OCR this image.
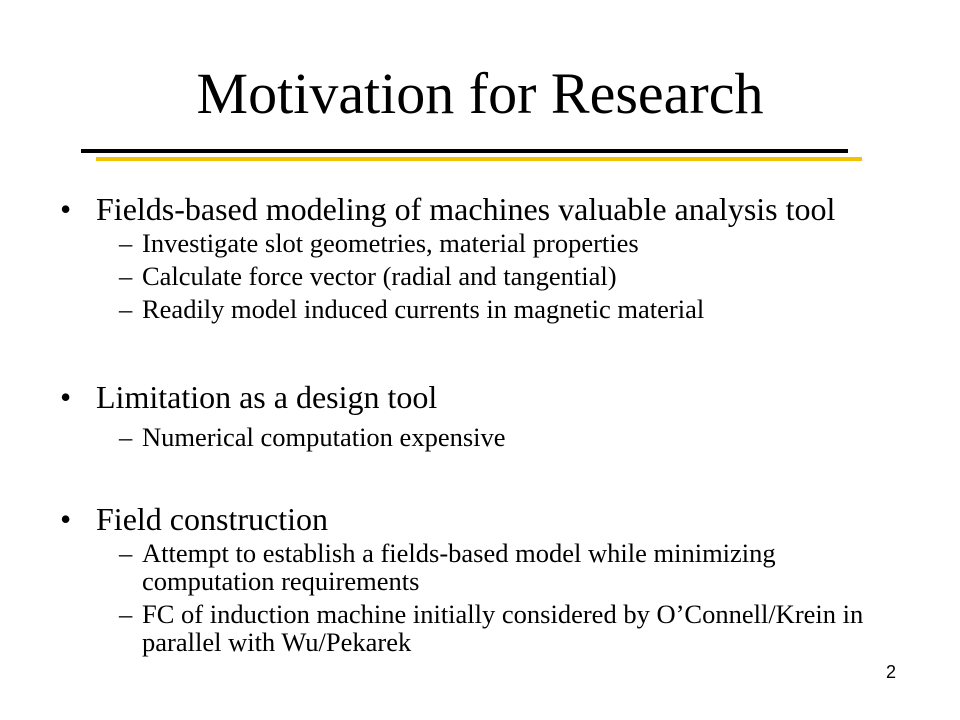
Motivation for Research
• Fields-based modeling of machines valuable analysis tool
– Investigate slot geometries, material properties
– Calculate force vector (radial and tangential)
– Readily model induced currents in magnetic material
• Limitation as a design tool
– Numerical computation expensive
• Field construction
– Attempt to establish a fields-based model while minimizing computation requirements
– FC of induction machine initially considered by O’Connell/Krein in parallel with Wu/Pekarek
2
